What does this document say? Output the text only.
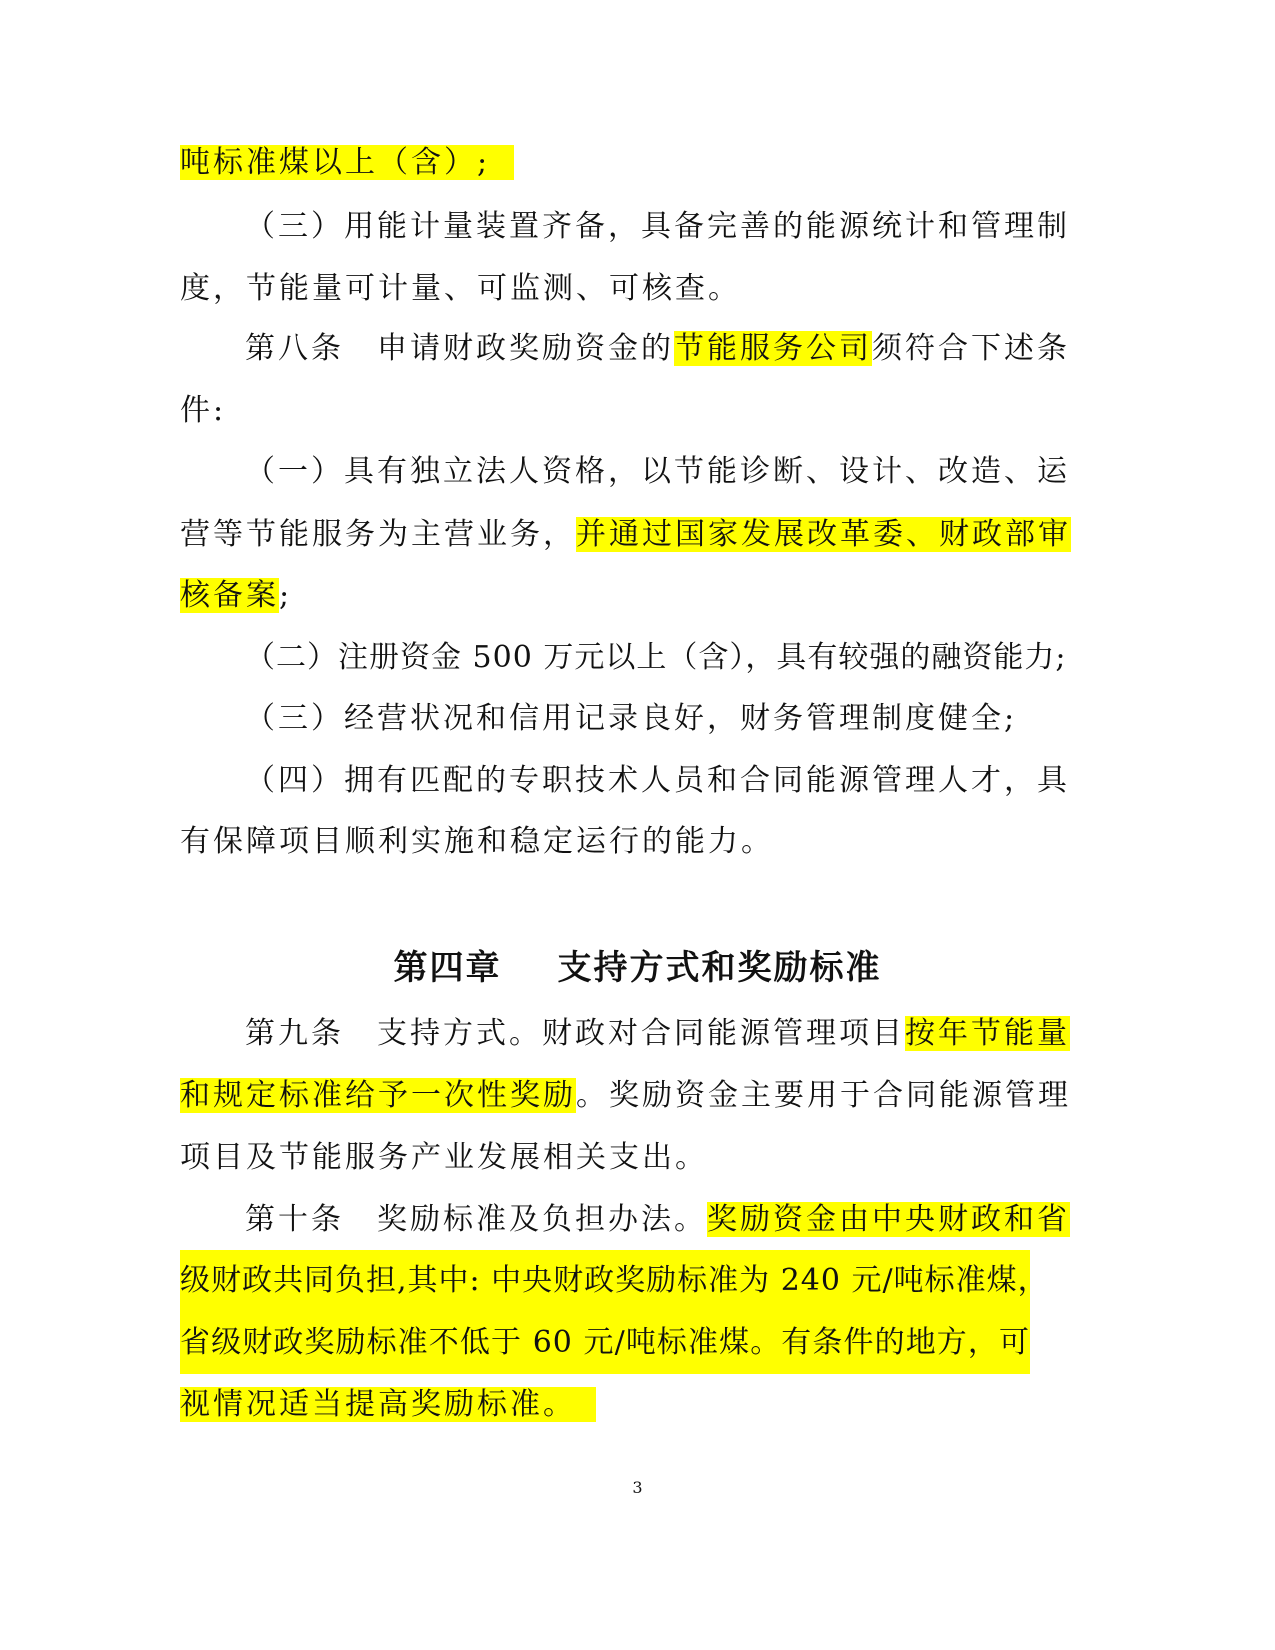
吨标准煤以上（含）;
（三）用能计量装置齐备，具备完善的能源统计和管理制
度，节能量可计量、可监测、可核查。
第八条　申请财政奖励资金的节能服务公司须符合下述条
件:
（一）具有独立法人资格，以节能诊断、设计、改造、运
营等节能服务为主营业务，并通过国家发展改革委、财政部审
核备案;
（二）注册资金 500 万元以上（含），具有较强的融资能力;
（三）经营状况和信用记录良好，财务管理制度健全;
（四）拥有匹配的专职技术人员和合同能源管理人才，具
有保障项目顺利实施和稳定运行的能力。
第四章 支持方式和奖励标准
第九条　支持方式。财政对合同能源管理项目按年节能量
和规定标准给予一次性奖励。奖励资金主要用于合同能源管理
项目及节能服务产业发展相关支出。
第十条　奖励标准及负担办法。奖励资金由中央财政和省
级财政共同负担,其中: 中央财政奖励标准为 240 元/吨标准煤，
省级财政奖励标准不低于 60 元/吨标准煤。有条件的地方，可
视情况适当提高奖励标准。
3
